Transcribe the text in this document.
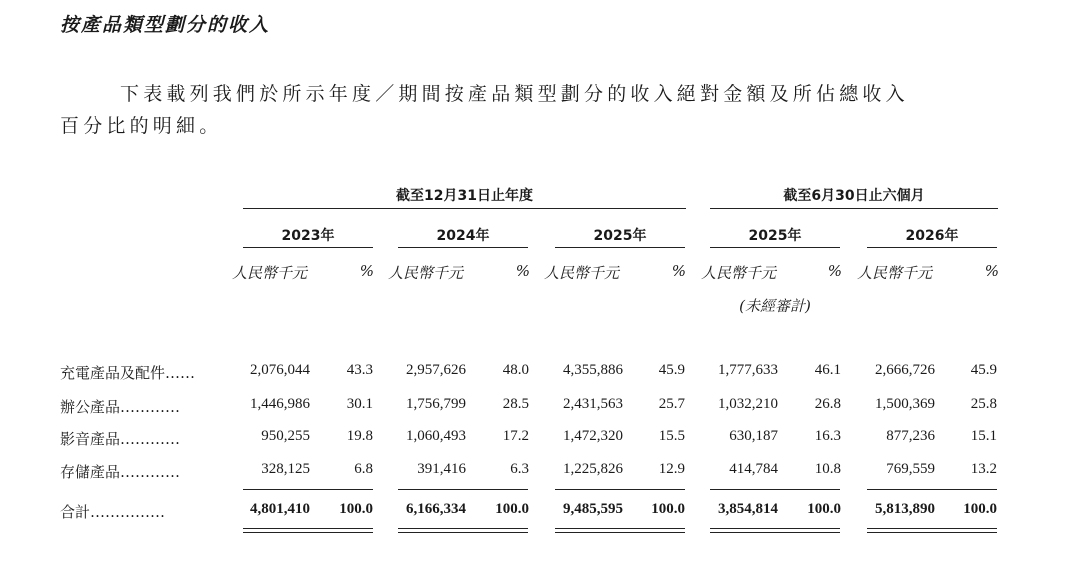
按產品類型劃分的收入
下表載列我們於所示年度／期間按產品類型劃分的收入絕對金額及所佔總收入
百分比的明細。
截至12月31日止年度	截至6月30日止六個月
2023年	2024年	2025年	2025年	2026年
人民幣千元	% 人民幣千元	% 人民幣千元	% 人民幣千元	% 人民幣千元	%
(未經審計)
充電產品及配件……	2,076,044 43.3 2,957,626 48.0 4,355,886 45.9 1,777,633 46.1 2,666,726 45.9
辦公產品…………	1,446,986 30.1 1,756,799 28.5 2,431,563 25.7 1,032,210 26.8 1,500,369 25.8
影音產品…………	950,255 19.8 1,060,493 17.2 1,472,320 15.5	630,187 16.3	877,236 15.1
存儲產品…………	328,125	6.8	391,416	6.3 1,225,826 12.9	414,784 10.8	769,559 13.2
合計……………	4,801,410 100.0 6,166,334 100.0 9,485,595 100.0 3,854,814 100.0 5,813,890 100.0
